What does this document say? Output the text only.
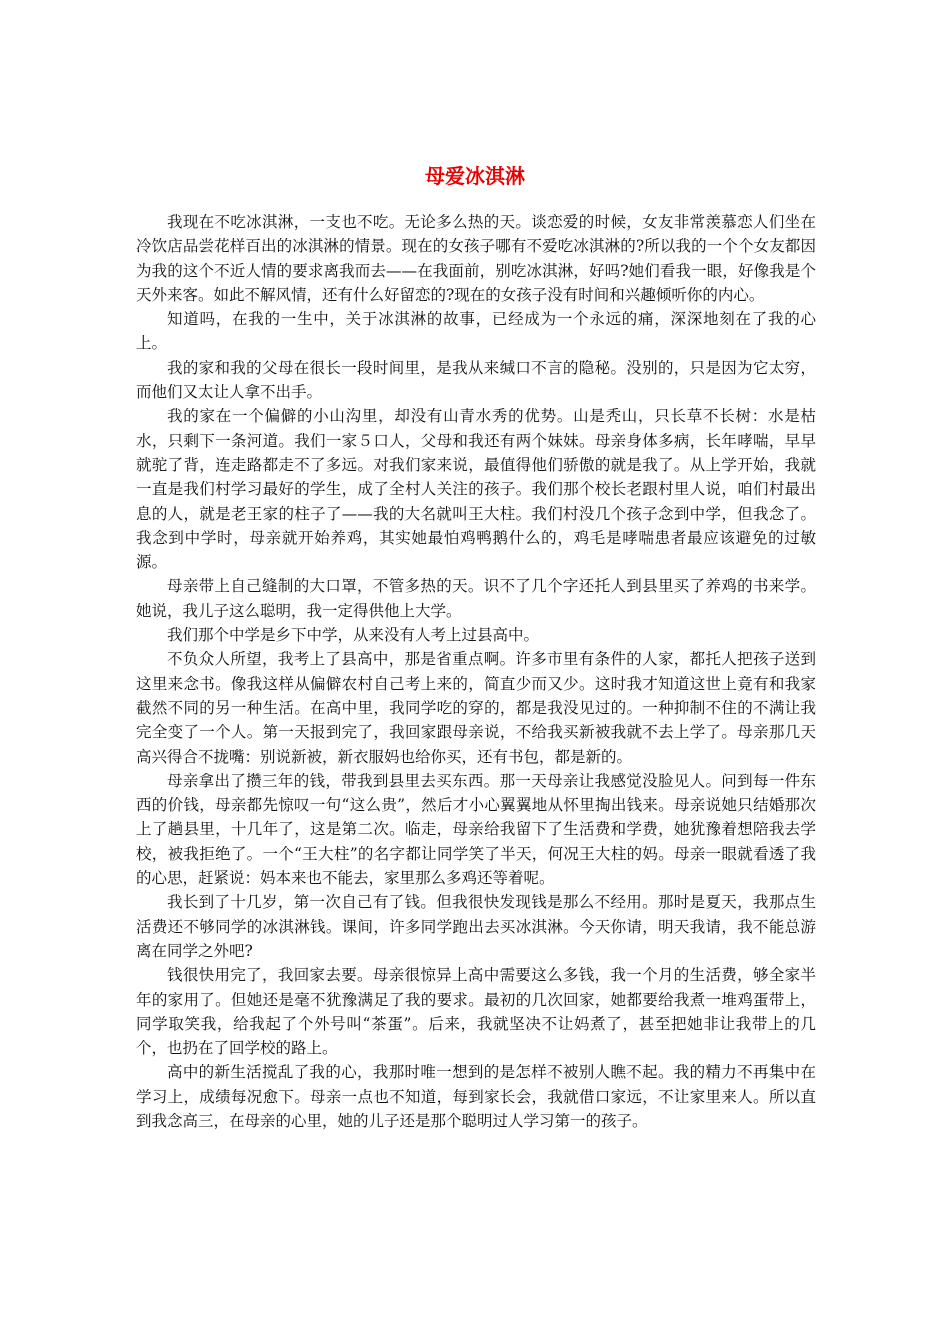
母爱冰淇淋

我现在不吃冰淇淋，一支也不吃。无论多么热的天。谈恋爱的时候，女友非常羡慕恋人们坐在冷饮店品尝花样百出的冰淇淋的情景。现在的女孩子哪有不爱吃冰淇淋的?所以我的一个个女友都因为我的这个不近人情的要求离我而去——在我面前，别吃冰淇淋，好吗?她们看我一眼，好像我是个天外来客。如此不解风情，还有什么好留恋的?现在的女孩子没有时间和兴趣倾听你的内心。

知道吗，在我的一生中，关于冰淇淋的故事，已经成为一个永远的痛，深深地刻在了我的心上。

我的家和我的父母在很长一段时间里，是我从来缄口不言的隐秘。没别的，只是因为它太穷，而他们又太让人拿不出手。

我的家在一个偏僻的小山沟里，却没有山青水秀的优势。山是秃山，只长草不长树：水是枯水，只剩下一条河道。我们一家５口人，父母和我还有两个妹妹。母亲身体多病，长年哮喘，早早就驼了背，连走路都走不了多远。对我们家来说，最值得他们骄傲的就是我了。从上学开始，我就一直是我们村学习最好的学生，成了全村人关注的孩子。我们那个校长老跟村里人说，咱们村最出息的人，就是老王家的柱子了——我的大名就叫王大柱。我们村没几个孩子念到中学，但我念了。我念到中学时，母亲就开始养鸡，其实她最怕鸡鸭鹅什么的，鸡毛是哮喘患者最应该避免的过敏源。

母亲带上自己缝制的大口罩，不管多热的天。识不了几个字还托人到县里买了养鸡的书来学。她说，我儿子这么聪明，我一定得供他上大学。

我们那个中学是乡下中学，从来没有人考上过县高中。

不负众人所望，我考上了县高中，那是省重点啊。许多市里有条件的人家，都托人把孩子送到这里来念书。像我这样从偏僻农村自己考上来的，简直少而又少。这时我才知道这世上竟有和我家截然不同的另一种生活。在高中里，我同学吃的穿的，都是我没见过的。一种抑制不住的不满让我完全变了一个人。第一天报到完了，我回家跟母亲说，不给我买新被我就不去上学了。母亲那几天高兴得合不拢嘴：别说新被，新衣服妈也给你买，还有书包，都是新的。

母亲拿出了攒三年的钱，带我到县里去买东西。那一天母亲让我感觉没脸见人。问到每一件东西的价钱，母亲都先惊叹一句“这么贵”，然后才小心翼翼地从怀里掏出钱来。母亲说她只结婚那次上了趟县里，十几年了，这是第二次。临走，母亲给我留下了生活费和学费，她犹豫着想陪我去学校，被我拒绝了。一个“王大柱”的名字都让同学笑了半天，何况王大柱的妈。母亲一眼就看透了我的心思，赶紧说：妈本来也不能去，家里那么多鸡还等着呢。

我长到了十几岁，第一次自己有了钱。但我很快发现钱是那么不经用。那时是夏天，我那点生活费还不够同学的冰淇淋钱。课间，许多同学跑出去买冰淇淋。今天你请，明天我请，我不能总游离在同学之外吧?

钱很快用完了，我回家去要。母亲很惊异上高中需要这么多钱，我一个月的生活费，够全家半年的家用了。但她还是毫不犹豫满足了我的要求。最初的几次回家，她都要给我煮一堆鸡蛋带上，同学取笑我，给我起了个外号叫“茶蛋”。后来，我就坚决不让妈煮了，甚至把她非让我带上的几个，也扔在了回学校的路上。

高中的新生活搅乱了我的心，我那时唯一想到的是怎样不被别人瞧不起。我的精力不再集中在学习上，成绩每况愈下。母亲一点也不知道，每到家长会，我就借口家远，不让家里来人。所以直到我念高三，在母亲的心里，她的儿子还是那个聪明过人学习第一的孩子。
